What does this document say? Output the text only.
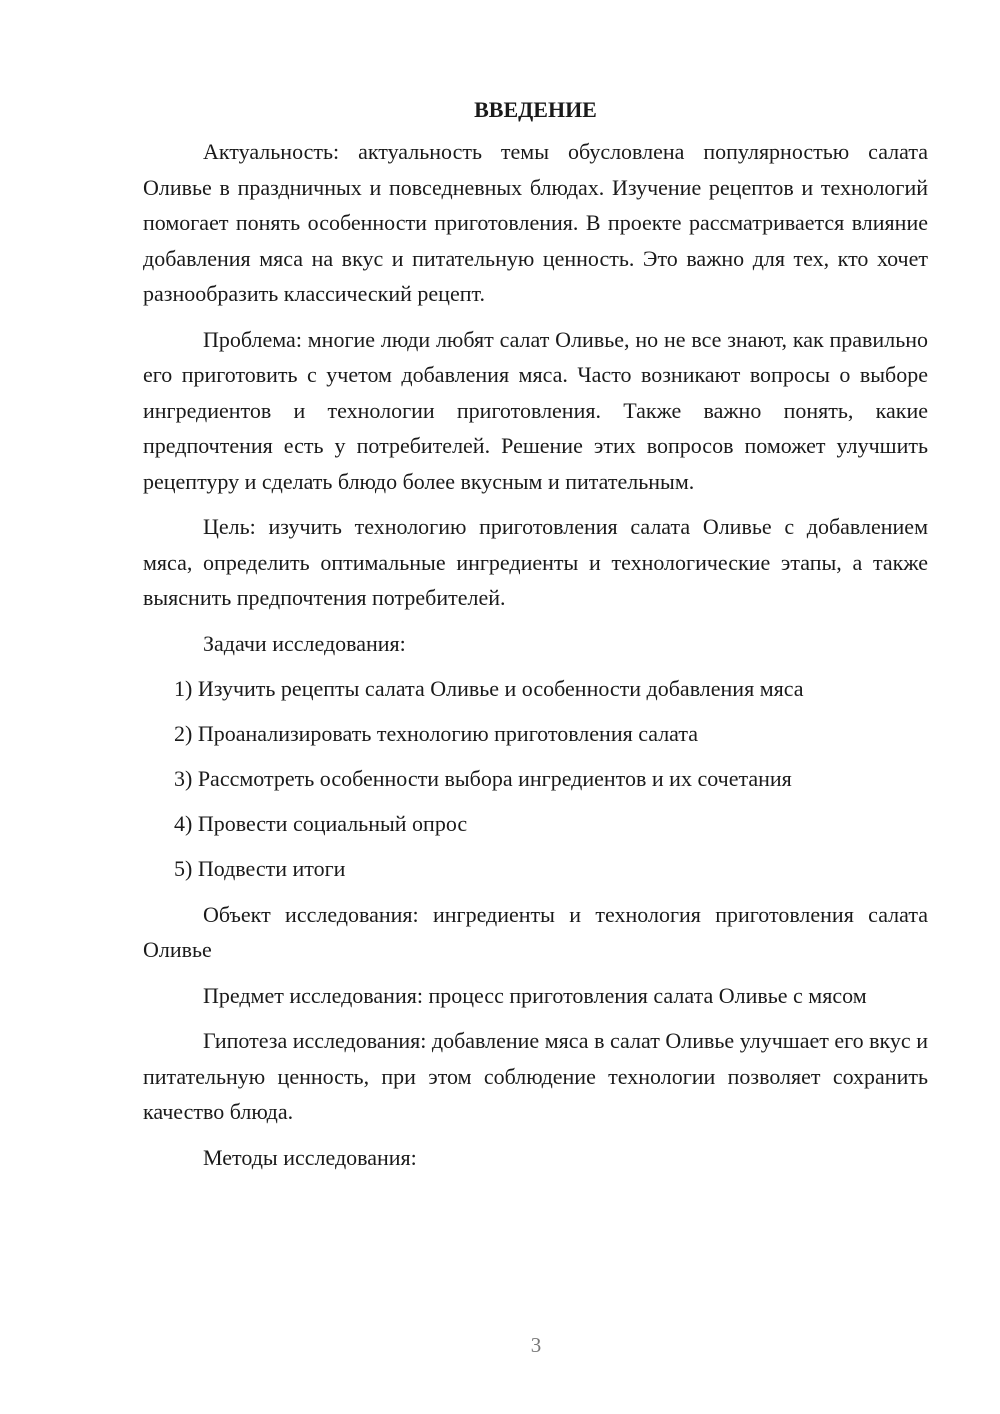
ВВЕДЕНИЕ

Актуальность: актуальность темы обусловлена популярностью салата Оливье в праздничных и повседневных блюдах. Изучение рецептов и технологий помогает понять особенности приготовления. В проекте рассматривается влияние добавления мяса на вкус и питательную ценность. Это важно для тех, кто хочет разнообразить классический рецепт.

Проблема: многие люди любят салат Оливье, но не все знают, как правильно его приготовить с учетом добавления мяса. Часто возникают вопросы о выборе ингредиентов и технологии приготовления. Также важно понять, какие предпочтения есть у потребителей. Решение этих вопросов поможет улучшить рецептуру и сделать блюдо более вкусным и питательным.

Цель: изучить технологию приготовления салата Оливье с добавлением мяса, определить оптимальные ингредиенты и технологические этапы, а также выяснить предпочтения потребителей.

Задачи исследования:

1) Изучить рецепты салата Оливье и особенности добавления мяса
2) Проанализировать технологию приготовления салата
3) Рассмотреть особенности выбора ингредиентов и их сочетания
4) Провести социальный опрос
5) Подвести итоги

Объект исследования: ингредиенты и технология приготовления салата Оливье

Предмет исследования: процесс приготовления салата Оливье с мясом

Гипотеза исследования: добавление мяса в салат Оливье улучшает его вкус и питательную ценность, при этом соблюдение технологии позволяет сохранить качество блюда.

Методы исследования:

3
